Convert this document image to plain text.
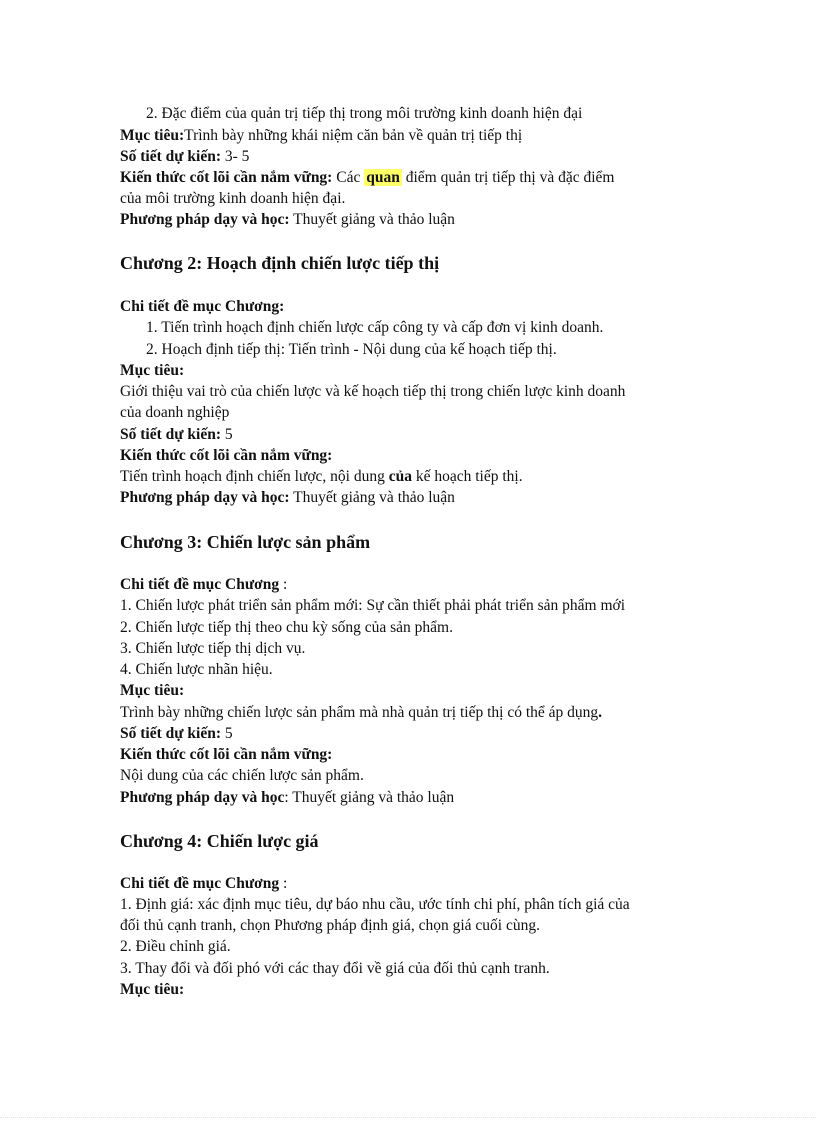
2. Đặc điểm của quản trị tiếp thị trong môi trường kinh doanh hiện đại
Mục tiêu:Trình bày những khái niệm căn bản về quản trị tiếp thị
Số tiết dự kiến: 3- 5
Kiến thức cốt lõi cần nắm vững: Các quan điểm quản trị tiếp thị và đặc điểm
của môi trường kinh doanh hiện đại.
Phương pháp dạy và học: Thuyết giảng và thảo luận
Chương 2: Hoạch định chiến lược tiếp thị
Chi tiết đề mục Chương:
1. Tiến trình hoạch định chiến lược cấp công ty và cấp đơn vị kinh doanh.
2. Hoạch định tiếp thị: Tiến trình - Nội dung của kế hoạch tiếp thị.
Mục tiêu:
Giới thiệu vai trò của chiến lược và kế hoạch tiếp thị trong chiến lược kinh doanh
của doanh nghiệp
Số tiết dự kiến: 5
Kiến thức cốt lõi cần nắm vững:
Tiến trình hoạch định chiến lược, nội dung của kế hoạch tiếp thị.
Phương pháp dạy và học: Thuyết giảng và thảo luận
Chương 3: Chiến lược sản phẩm
Chi tiết đề mục Chương :
1. Chiến lược phát triển sản phẩm mới: Sự cần thiết phải phát triển sản phẩm mới
2. Chiến lược tiếp thị theo chu kỳ sống của sản phẩm.
3. Chiến lược tiếp thị dịch vụ.
4. Chiến lược nhãn hiệu.
Mục tiêu:
Trình bày những chiến lược sản phẩm mà nhà quản trị tiếp thị có thể áp dụng.
Số tiết dự kiến: 5
Kiến thức cốt lõi cần nắm vững:
Nội dung của các chiến lược sản phẩm.
Phương pháp dạy và học: Thuyết giảng và thảo luận
Chương 4: Chiến lược giá
Chi tiết đề mục Chương :
1. Định giá: xác định mục tiêu, dự báo nhu cầu, ước tính chi phí, phân tích giá của
đối thủ cạnh tranh, chọn Phương pháp định giá, chọn giá cuối cùng.
2. Điều chỉnh giá.
3. Thay đổi và đối phó với các thay đổi về giá của đối thủ cạnh tranh.
Mục tiêu:
